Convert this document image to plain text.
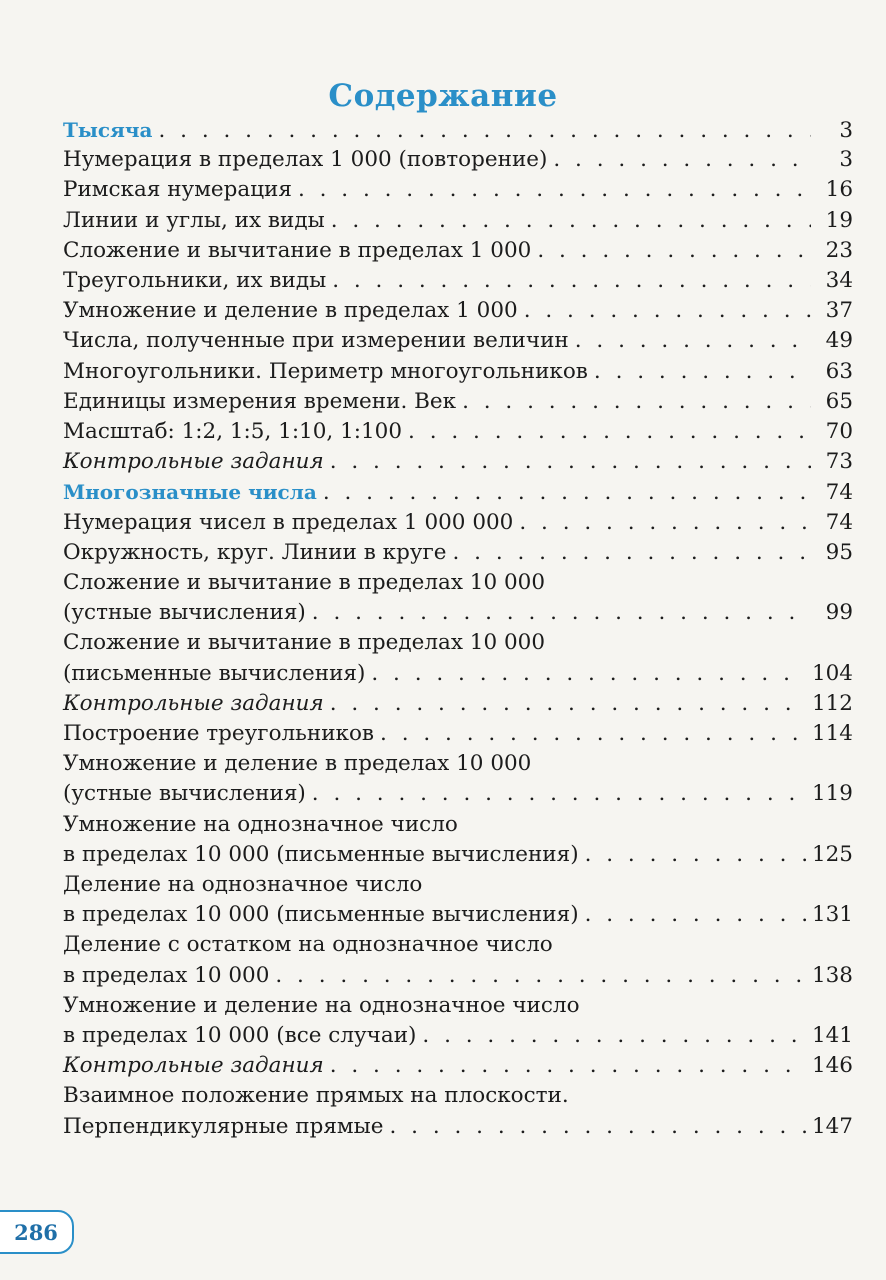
Содержание
Тысяча . . .	3
Нумерация в пределах 1 000 (повторение) . . .	3
Римская нумерация . . .	16
Линии и углы, их виды . . .	19
Сложение и вычитание в пределах 1 000 . . .	23
Треугольники, их виды . . .	34
Умножение и деление в пределах 1 000 . . .	37
Числа, полученные при измерении величин . . .	49
Многоугольники. Периметр многоугольников . . .	63
Единицы измерения времени. Век . . .	65
Масштаб: 1:2, 1:5, 1:10, 1:100 . . .	70
Контрольные задания . . .	73
Многозначные числа . . .	74
Нумерация чисел в пределах 1 000 000 . . .	74
Окружность, круг. Линии в круге . . .	95
Сложение и вычитание в пределах 10 000
(устные вычисления) . . .	99
Сложение и вычитание в пределах 10 000
(письменные вычисления) . . .	104
Контрольные задания . . .	112
Построение треугольников . . .	114
Умножение и деление в пределах 10 000
(устные вычисления) . . .	119
Умножение на однозначное число
в пределах 10 000 (письменные вычисления) . . .	125
Деление на однозначное число
в пределах 10 000 (письменные вычисления) . . .	131
Деление с остатком на однозначное число
в пределах 10 000 . . .	138
Умножение и деление на однозначное число
в пределах 10 000 (все случаи) . . .	141
Контрольные задания . . .	146
Взаимное положение прямых на плоскости.
Перпендикулярные прямые . . .	147
286
